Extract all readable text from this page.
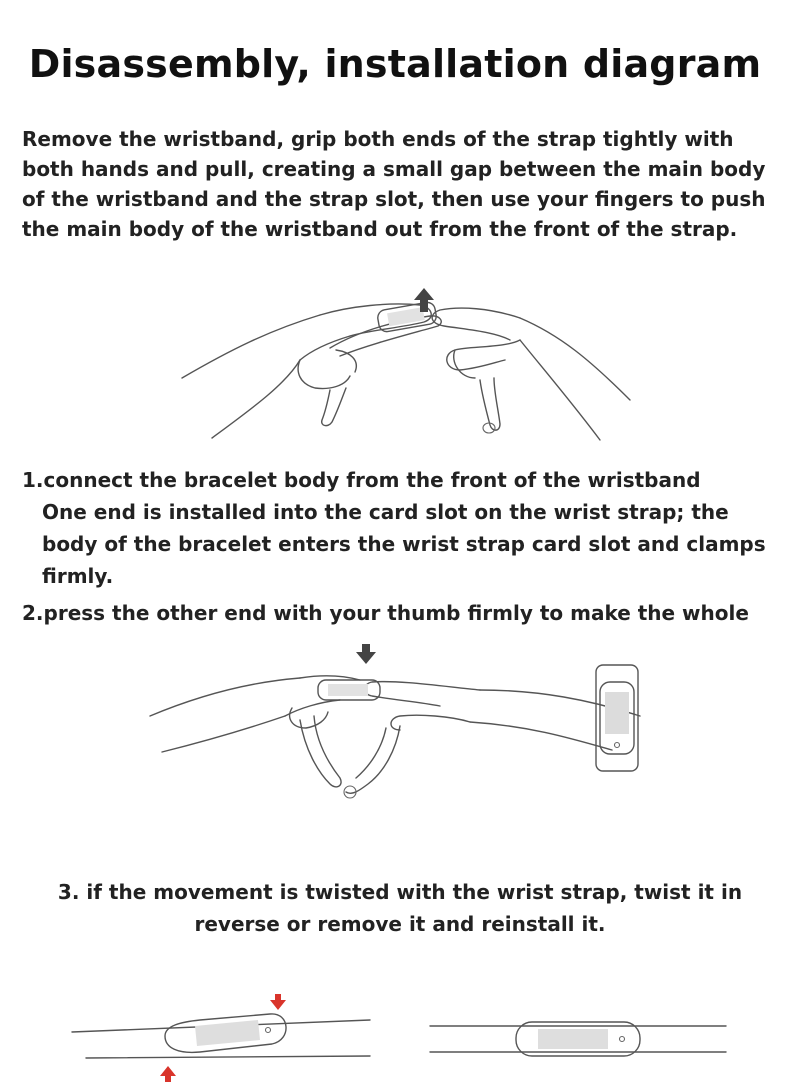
Disassembly, installation diagram
Remove the wristband, grip both ends of the strap tightly with both hands and pull, creating a small gap between the main body of the wristband and the strap slot, then use your fingers to push the main body of the wristband out from the front of the strap.
1.connect the bracelet body from the front of the wristband
One end is installed into the card slot on the wrist strap; the body of the bracelet enters the wrist strap card slot and clamps firmly.
2.press the other end with your thumb firmly to make the whole
3. if the movement is twisted with the wrist strap, twist it in reverse or remove it and reinstall it.
